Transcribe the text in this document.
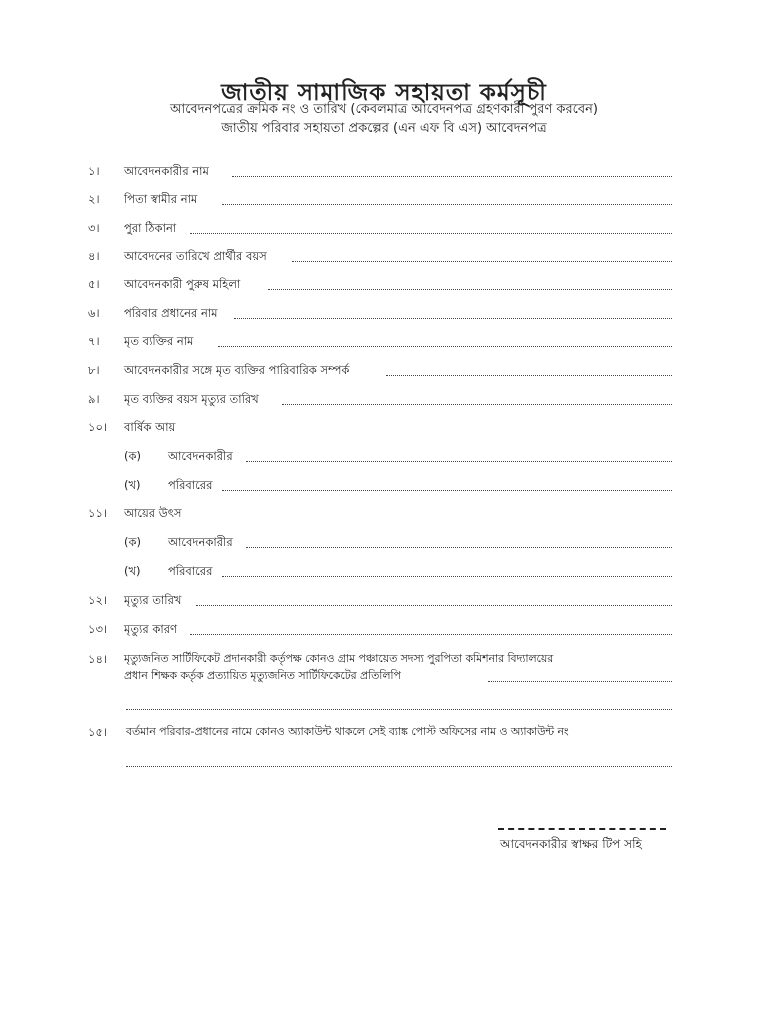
জাতীয় সামাজিক সহায়তা কর্মসূচী
আবেদনপত্রের ক্রমিক নং ও তারিখ (কেবলমাত্র আবেদনপত্র গ্রহণকারী পুরণ করবেন)
জাতীয় পরিবার সহায়তা প্রকল্পের (এন এফ বি এস) আবেদনপত্র
১। আবেদনকারীর নাম
২। পিতা স্বামীর নাম
৩। পুরা ঠিকানা
৪। আবেদনের তারিখে প্রার্থীর বয়স
৫। আবেদনকারী পুরুষ মহিলা
৬। পরিবার প্রধানের নাম
৭। মৃত ব্যক্তির নাম
৮। আবেদনকারীর সঙ্গে মৃত ব্যক্তির পারিবারিক সম্পর্ক
৯। মৃত ব্যক্তির বয়স মৃত্যুর তারিখ
১০। বার্ষিক আয়
(ক) আবেদনকারীর
(খ) পরিবারের
১১। আয়ের উৎস
(ক) আবেদনকারীর
(খ) পরিবারের
১২। মৃত্যুর তারিখ
১৩। মৃত্যুর কারণ
১৪। মৃত্যুজনিত সার্টিফিকেট প্রদানকারী কর্তৃপক্ষ কোনও গ্রাম পঞ্চায়েত সদস্য পুরপিতা কমিশনার বিদ্যালয়ের
প্রধান শিক্ষক কর্তৃক প্রত্যায়িত মৃত্যুজনিত সার্টিফিকেটের প্রতিলিপি
১৫। বর্তমান পরিবার-প্রধানের নামে কোনও অ্যাকাউন্ট থাকলে সেই ব্যাঙ্ক পোস্ট অফিসের নাম ও অ্যাকাউন্ট নং
আবেদনকারীর স্বাক্ষর টিপ সহি
